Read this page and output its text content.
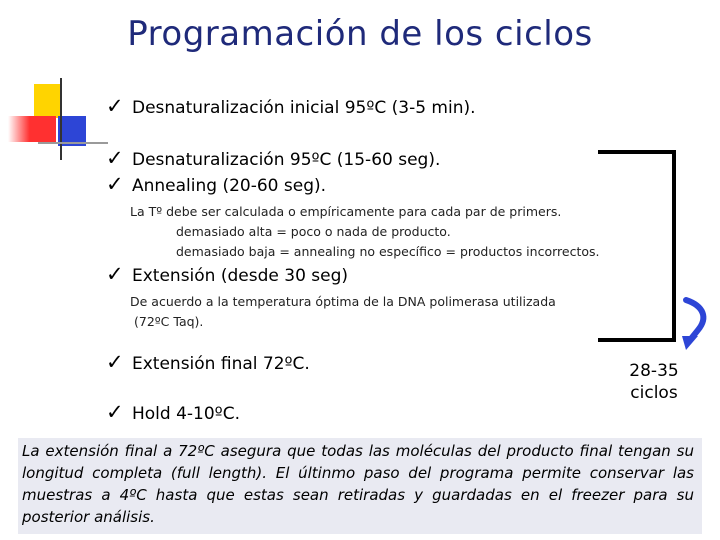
Programación de los ciclos
✓ Desnaturalización inicial 95ºC (3-5 min).
✓ Desnaturalización 95ºC (15-60 seg).
✓ Annealing (20-60 seg).
La Tº debe ser calculada o empíricamente para cada par de primers.
demasiado alta = poco o nada de producto.
demasiado baja = annealing no específico = productos incorrectos.
✓ Extensión (desde 30 seg)
De acuerdo a la temperatura óptima de la DNA polimerasa utilizada
(72ºC Taq).
✓ Extensión final 72ºC.
✓ Hold 4-10ºC.
28-35
ciclos
La extensión final a 72ºC asegura que todas las moléculas del producto final tengan su longitud completa (full length). El últinmo paso del programa permite conservar las muestras a 4ºC hasta que estas sean retiradas y guardadas en el freezer para su posterior análisis.
